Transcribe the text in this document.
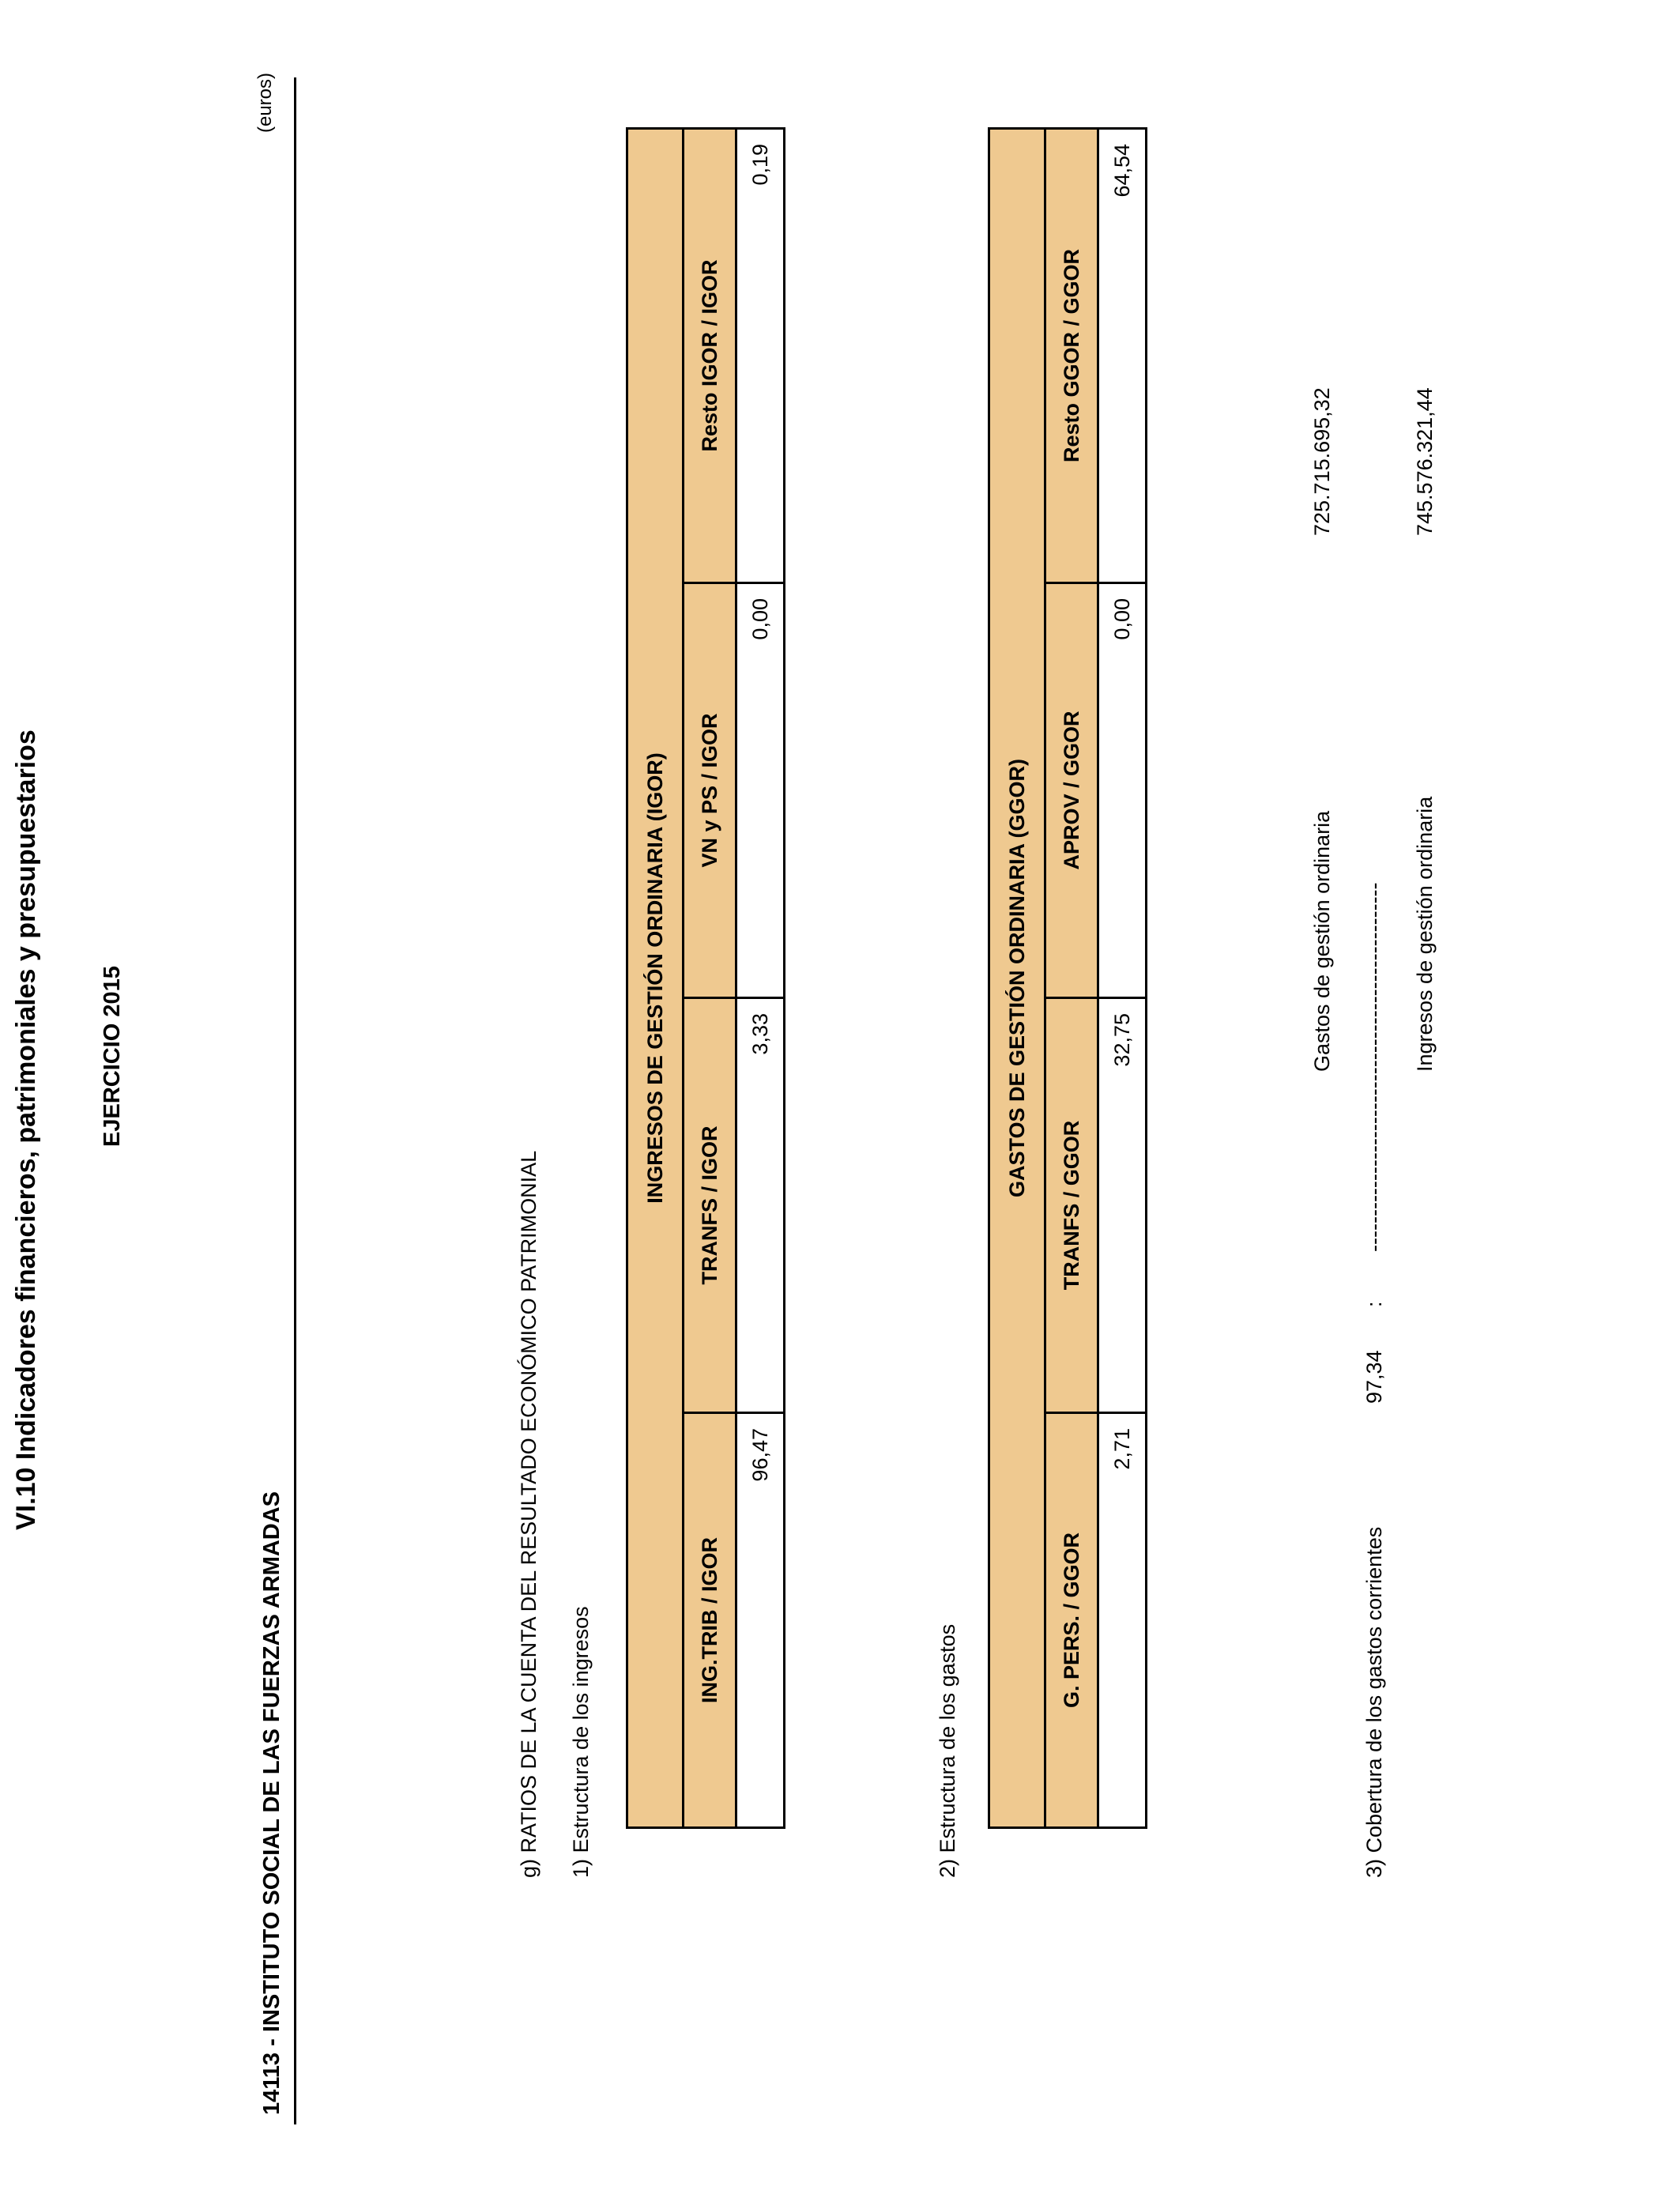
VI.10 Indicadores financieros, patrimoniales y presupuestarios	EJERCICIO 2015
14113 - INSTITUTO SOCIAL DE LAS FUERZAS ARMADAS
(euros)
g) RATIOS DE LA CUENTA DEL RESULTADO ECONÓMICO PATRIMONIAL 1) Estructura de los ingresos
INGRESOS DE GESTIÓN ORDINARIA (IGOR)			
ING.TRIB / IGOR	TRANFS / IGOR	VN y PS / IGOR	Resto IGOR / IGOR
96,47	3,33	0,00	0,19
2) Estructura de los gastos
GASTOS DE GESTIÓN ORDINARIA (GGOR)			
G. PERS. / GGOR	TRANFS / GGOR	APROV / GGOR	Resto GGOR / GGOR
2,71	32,75	0,00	64,54
Gastos de gestión ordinaria
725.715.695,32
3) Cobertura de los gastos corrientes
97,34
:
---------------------------------------------------- Ingresos de gestión ordinaria
745.576.321,44
